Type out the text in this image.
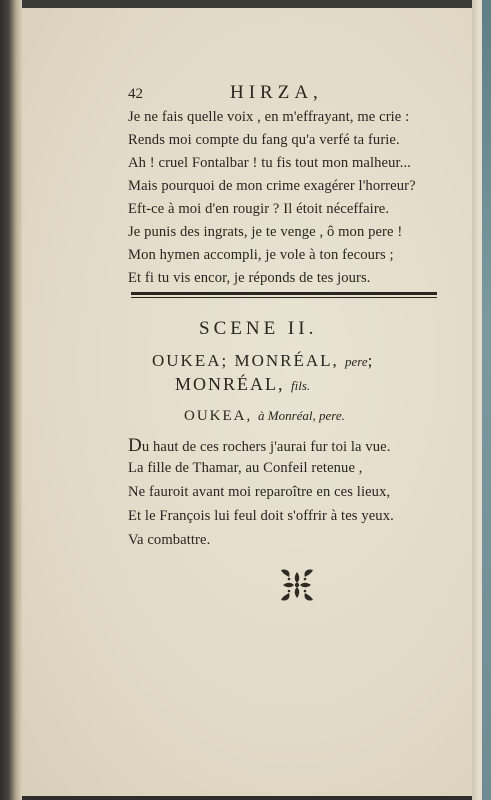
42	HIRZA,
Je ne fais quelle voix , en m'effrayant, me crie :
Rends moi compte du fang qu'a verfé ta furie.
Ah ! cruel Fontalbar ! tu fis tout mon malheur...
Mais pourquoi de mon crime exagérer l'horreur?
Eft-ce à moi d'en rougir ? Il étoit néceffaire.
Je punis des ingrats, je te venge , ô mon pere !
Mon hymen accompli, je vole à ton fecours ;
Et fi tu vis encor, je réponds de tes jours.
SCENE II.
OUKEA; MONRÉAL, pere;
MONRÉAL, fils.
OUKEA, à Monréal, pere.
Du haut de ces rochers j'aurai fur toi la vue.
La fille de Thamar, au Confeil retenue ,
Ne fauroit avant moi reparoître en ces lieux,
Et le François lui feul doit s'offrir à tes yeux.
Va combattre.
